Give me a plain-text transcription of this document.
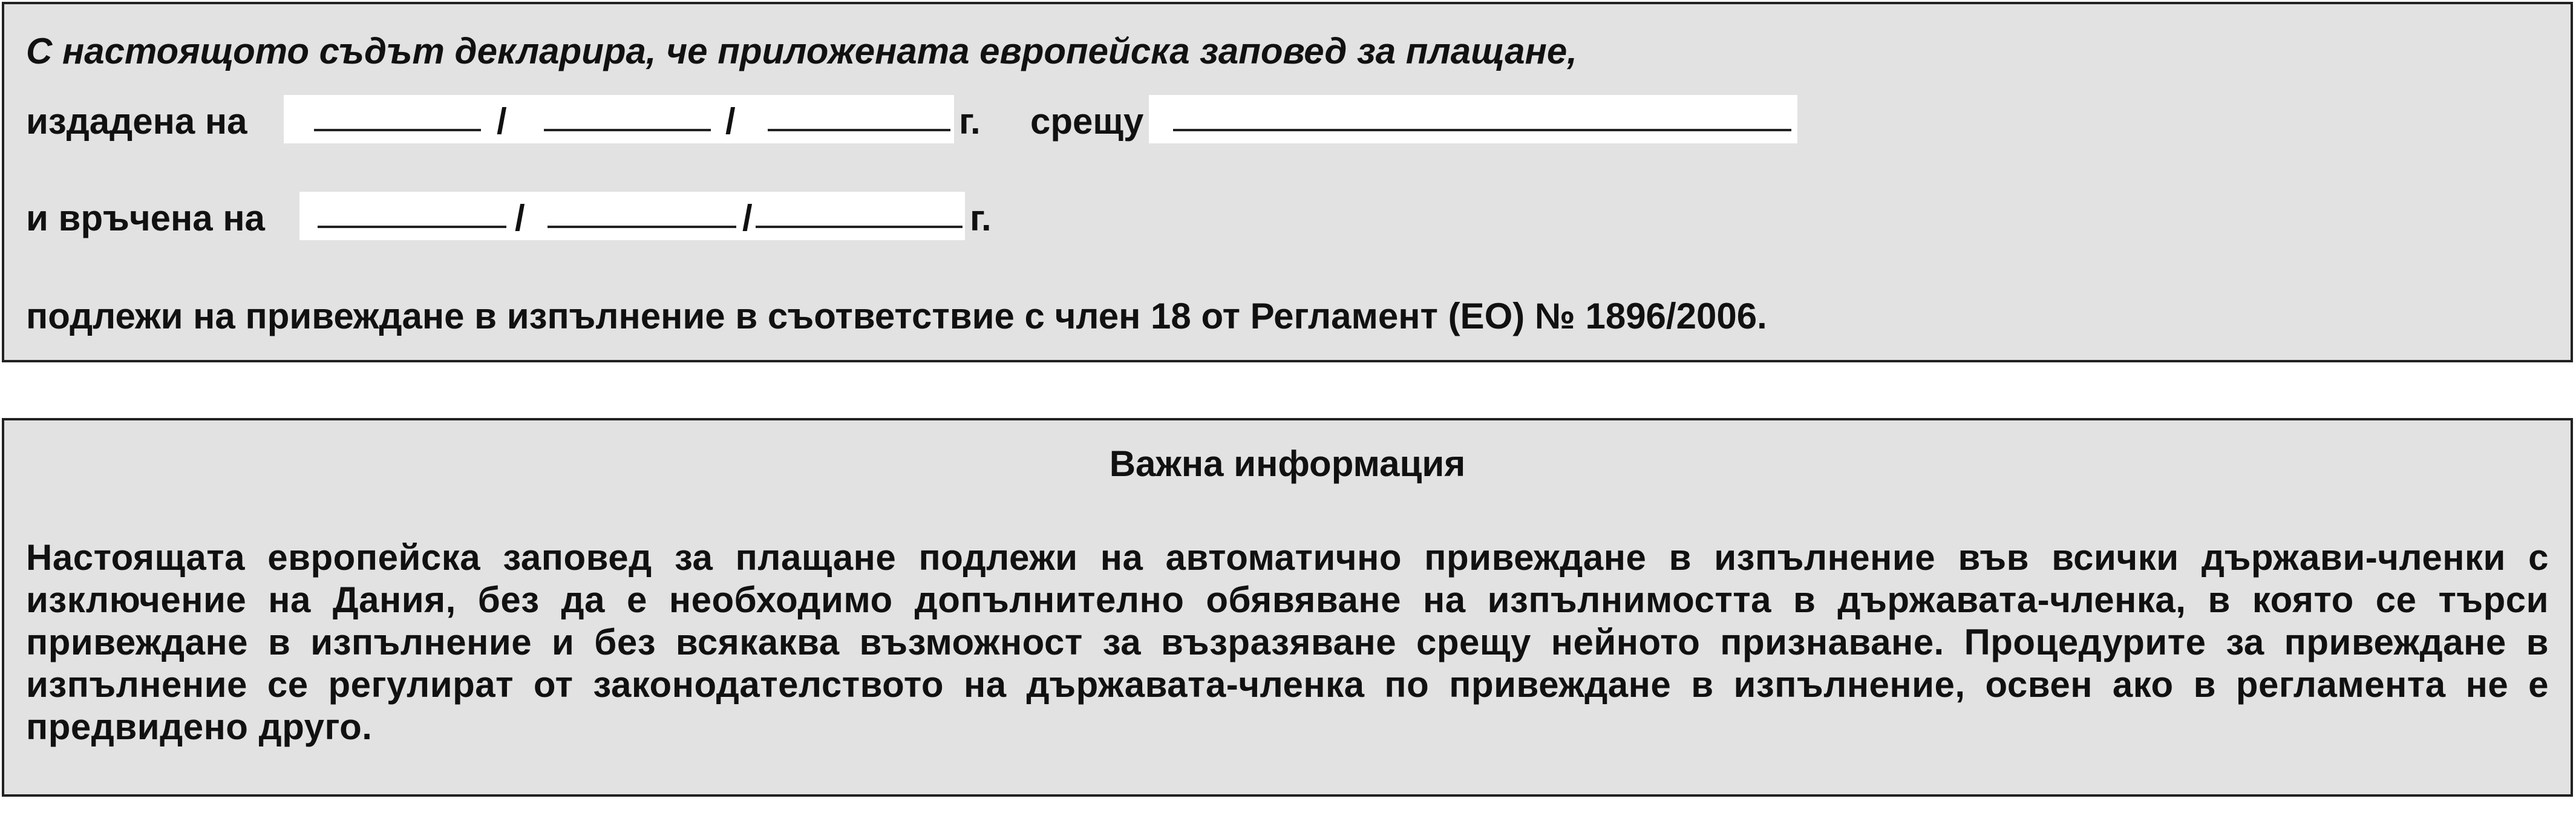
С настоящото съдът декларира, че приложената европейска заповед за плащане,
издадена на	/	/	г. срещу
и връчена на	/	/	г.
подлежи на привеждане в изпълнение в съответствие с член 18 от Регламент (ЕО) № 1896/2006.
Важна информация
Настоящата европейска заповед за плащане подлежи на автоматично привеждане в изпълнение във всички държави-членки с изключение на Дания, без да е необходимо допълнително обявяване на изпълнимостта в държавата-членка, в която се търси привеждане в изпълнение и без всякаква възможност за възразяване срещу нейното признаване. Процедурите за привеждане в изпълнение се регулират от законодателството на държавата-членка по привеждане в изпълнение, освен ако в регламента не е предвидено друго.
